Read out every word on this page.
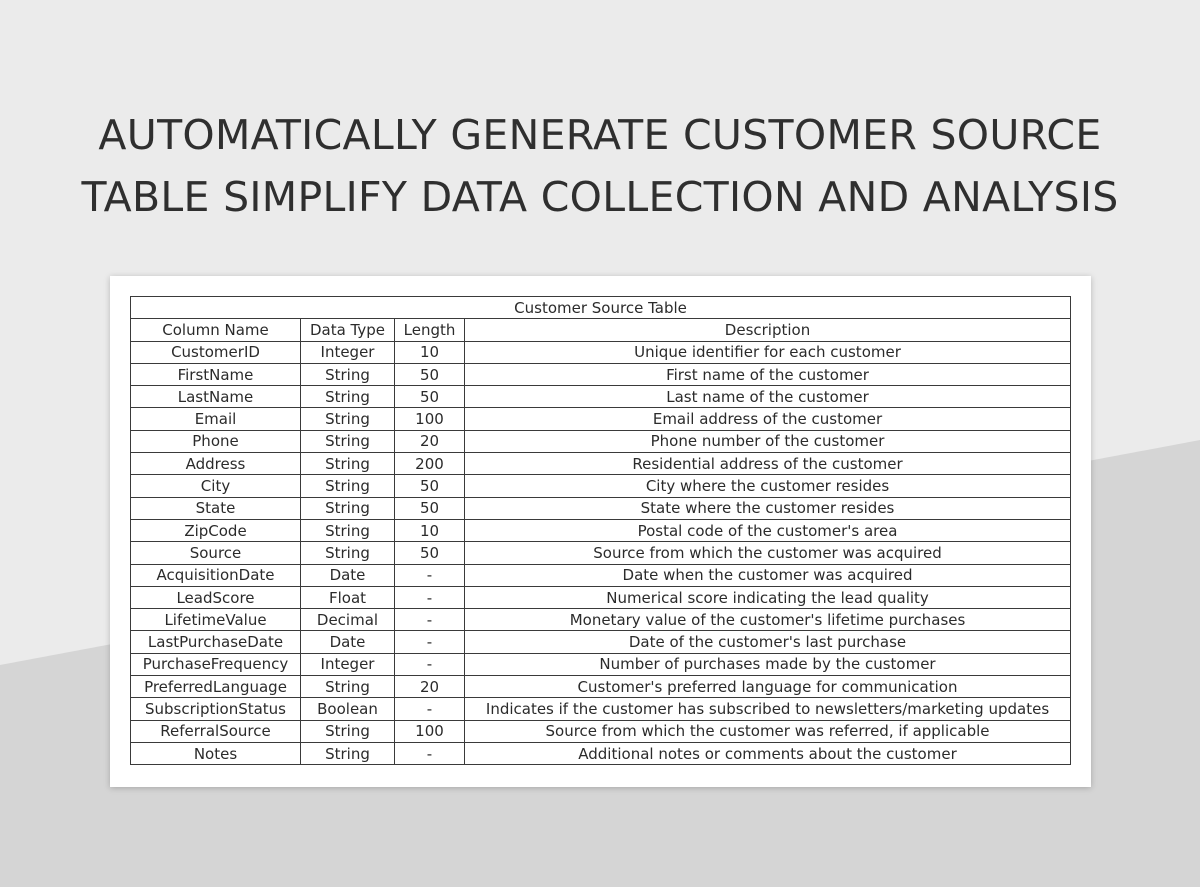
AUTOMATICALLY GENERATE CUSTOMER SOURCE
TABLE SIMPLIFY DATA COLLECTION AND ANALYSIS
Customer Source Table			
Column Name	Data Type	Length	Description
CustomerID	Integer	10	Unique identifier for each customer
FirstName	String	50	First name of the customer
LastName	String	50	Last name of the customer
Email	String	100	Email address of the customer
Phone	String	20	Phone number of the customer
Address	String	200	Residential address of the customer
City	String	50	City where the customer resides
State	String	50	State where the customer resides
ZipCode	String	10	Postal code of the customer's area
Source	String	50	Source from which the customer was acquired
AcquisitionDate	Date	-	Date when the customer was acquired
LeadScore	Float	-	Numerical score indicating the lead quality
LifetimeValue	Decimal	-	Monetary value of the customer's lifetime purchases
LastPurchaseDate	Date	-	Date of the customer's last purchase
PurchaseFrequency	Integer	-	Number of purchases made by the customer
PreferredLanguage	String	20	Customer's preferred language for communication
SubscriptionStatus	Boolean	-	Indicates if the customer has subscribed to newsletters/marketing updates
ReferralSource	String	100	Source from which the customer was referred, if applicable
Notes	String	-	Additional notes or comments about the customer
